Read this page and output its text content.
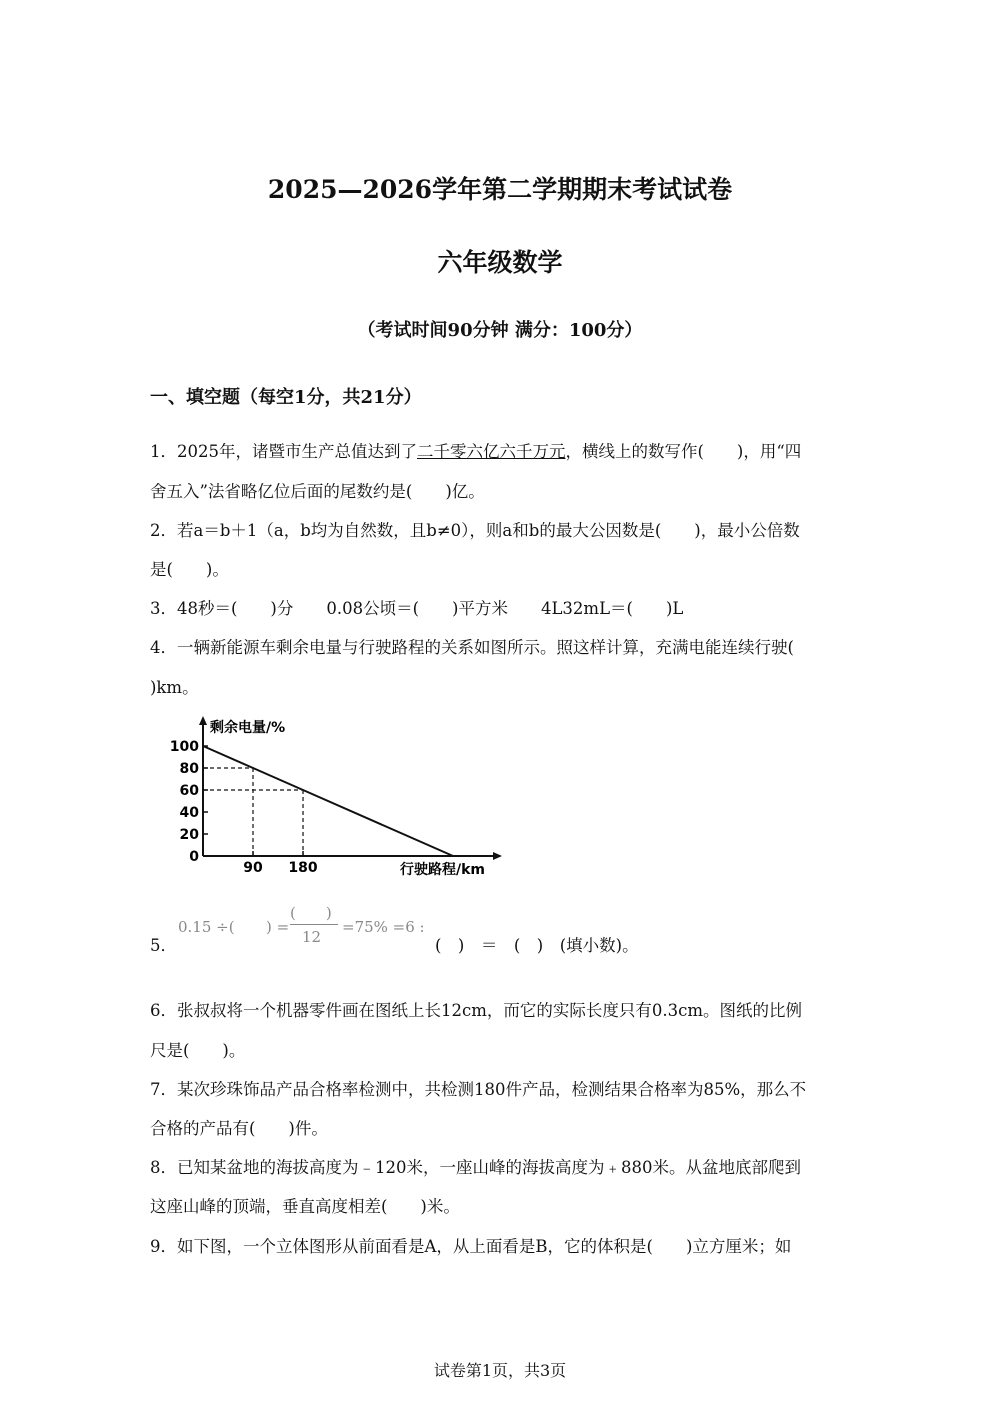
2025—2026学年第二学期期末考试试卷
六年级数学
（考试时间90分钟 满分：100分）
一、填空题（每空1分，共21分）
1．2025年，诸暨市生产总值达到了二千零六亿六千万元，横线上的数写作(　　)，用“四
舍五入”法省略亿位后面的尾数约是(　　)亿。
2．若a＝b＋1（a，b均为自然数，且b≠0），则a和b的最大公因数是(　　)，最小公倍数
是(　　)。
3．48秒＝(　　)分　　0.08公顷＝(　　)平方米　　4L32mL＝(　　)L
4．一辆新能源车剩余电量与行驶路程的关系如图所示。照这样计算，充满电能连续行驶(
)km。
剩余电量/%
行驶路程/km
100
80
60
40
20
0
90 180
5．
0.15 ÷( ) =
(　　)
12
=75% =6 :
(　)　＝　(　)　(填小数)。
6．张叔叔将一个机器零件画在图纸上长12cm，而它的实际长度只有0.3cm。图纸的比例
尺是(　　)。
7．某次珍珠饰品产品合格率检测中，共检测180件产品，检测结果合格率为85%，那么不
合格的产品有(　　)件。
8．已知某盆地的海拔高度为﹣120米，一座山峰的海拔高度为﹢880米。从盆地底部爬到
这座山峰的顶端，垂直高度相差(　　)米。
9．如下图，一个立体图形从前面看是A，从上面看是B，它的体积是(　　)立方厘米；如
试卷第1页，共3页
